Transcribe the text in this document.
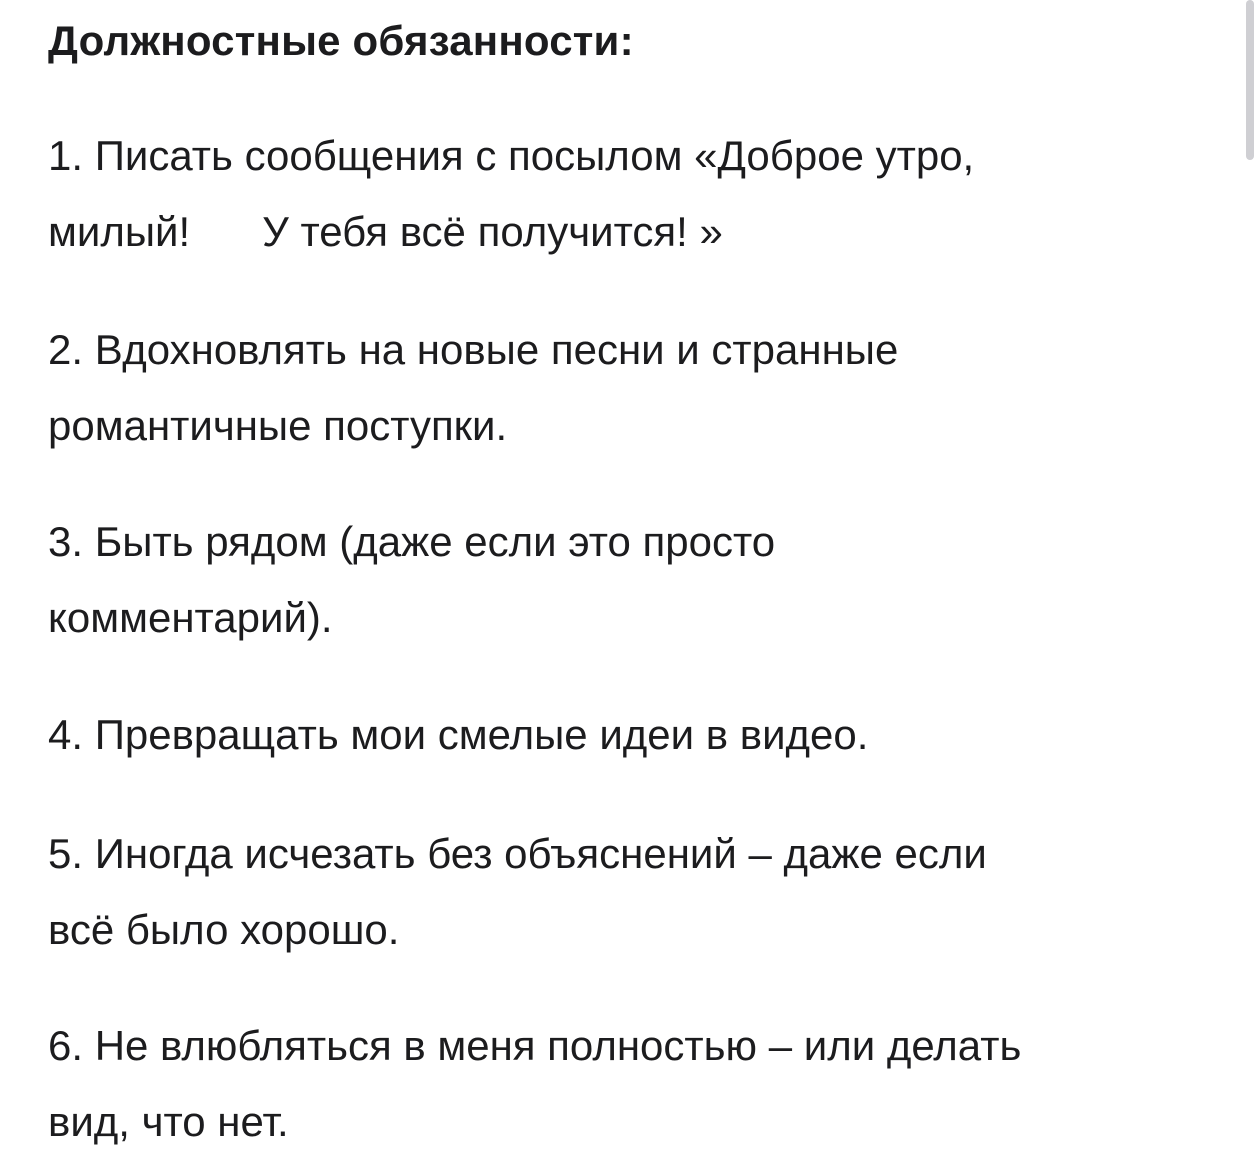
Должностные обязанности:

1. Писать сообщения с посылом «Доброе утро,
милый! У тебя всё получится! »

2. Вдохновлять на новые песни и странные
романтичные поступки.

3. Быть рядом (даже если это просто
комментарий).

4. Превращать мои смелые идеи в видео.

5. Иногда исчезать без объяснений – даже если
всё было хорошо.

6. Не влюбляться в меня полностью – или делать
вид, что нет.
